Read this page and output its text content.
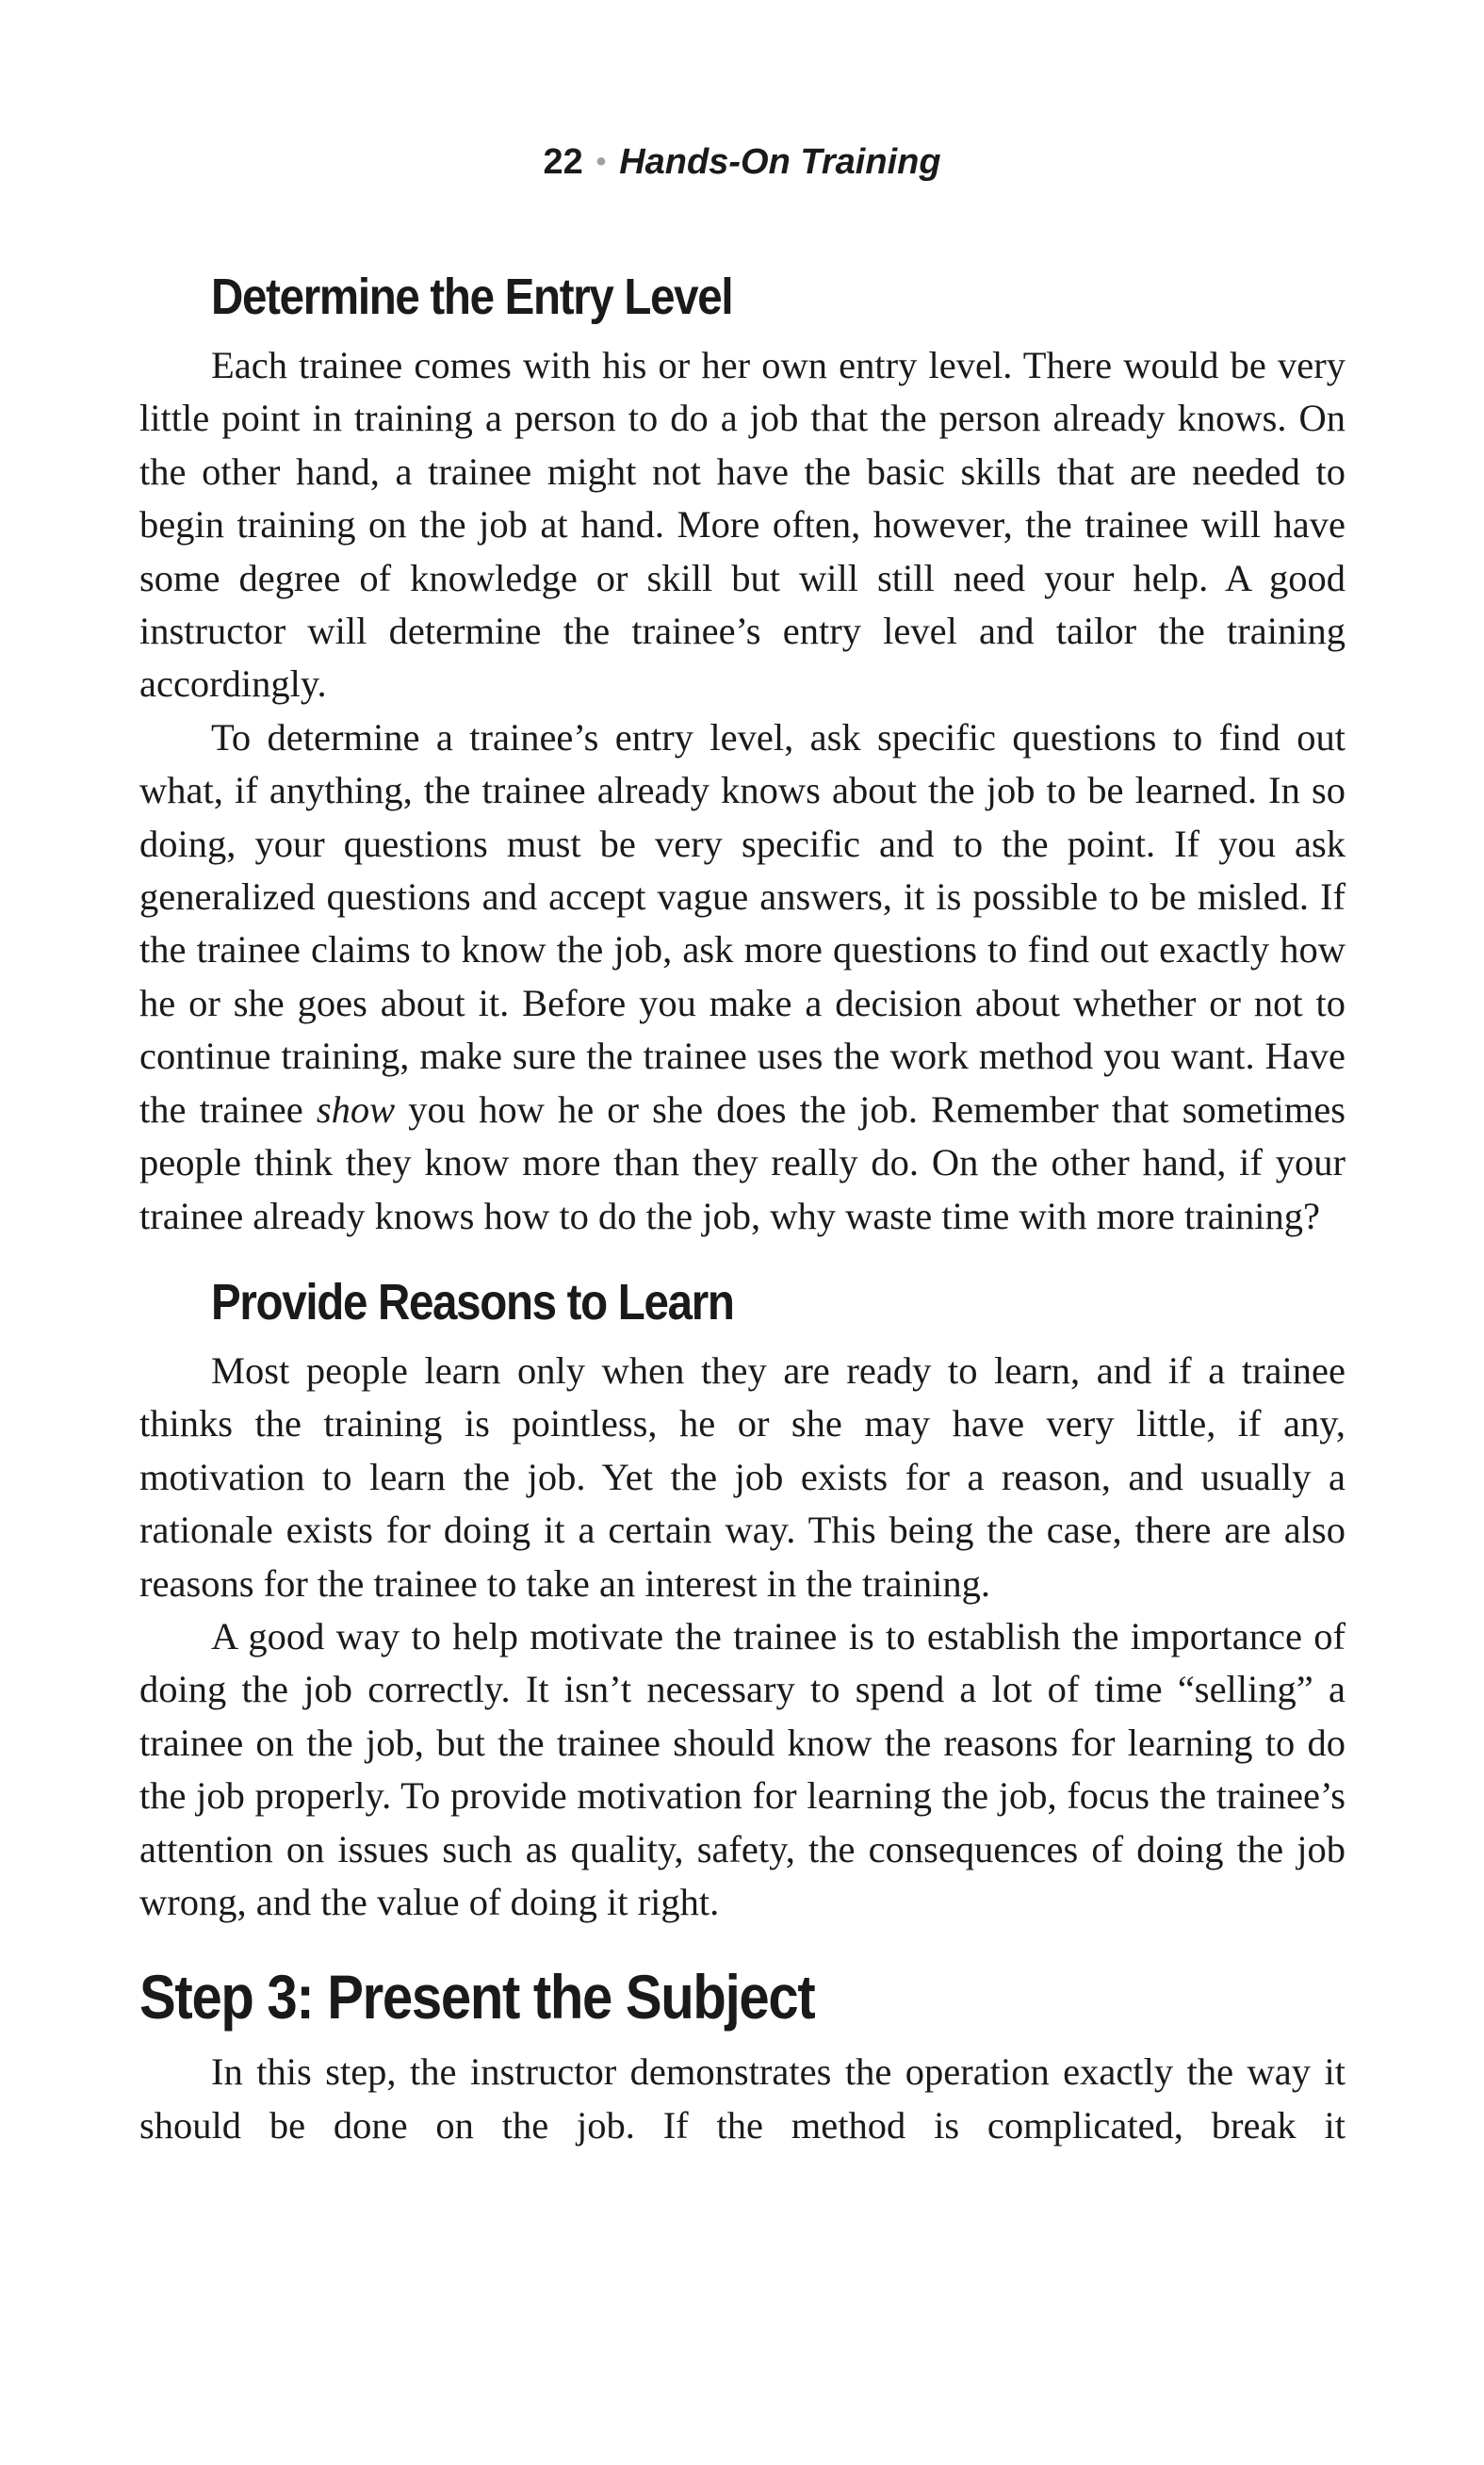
22 • Hands-On Training
Determine the Entry Level

Each trainee comes with his or her own entry level. There would be very little point in training a person to do a job that the person already knows. On the other hand, a trainee might not have the basic skills that are needed to begin training on the job at hand. More often, however, the trainee will have some degree of knowledge or skill but will still need your help. A good instructor will determine the trainee’s entry level and tailor the training accordingly.

To determine a trainee’s entry level, ask specific questions to find out what, if anything, the trainee already knows about the job to be learned. In so doing, your questions must be very specific and to the point. If you ask generalized questions and accept vague answers, it is possible to be misled. If the trainee claims to know the job, ask more questions to find out exactly how he or she goes about it. Before you make a decision about whether or not to continue training, make sure the trainee uses the work method you want. Have the trainee show you how he or she does the job. Remember that sometimes people think they know more than they really do. On the other hand, if your trainee already knows how to do the job, why waste time with more training?

Provide Reasons to Learn

Most people learn only when they are ready to learn, and if a trainee thinks the training is pointless, he or she may have very little, if any, motivation to learn the job. Yet the job exists for a reason, and usually a rationale exists for doing it a certain way. This being the case, there are also reasons for the trainee to take an interest in the training.

A good way to help motivate the trainee is to establish the importance of doing the job correctly. It isn’t necessary to spend a lot of time “selling” a trainee on the job, but the trainee should know the reasons for learning to do the job properly. To provide motivation for learning the job, focus the trainee’s attention on issues such as quality, safety, the consequences of doing the job wrong, and the value of doing it right.

Step 3: Present the Subject

In this step, the instructor demonstrates the operation exactly the way it should be done on the job. If the method is complicated, break it
